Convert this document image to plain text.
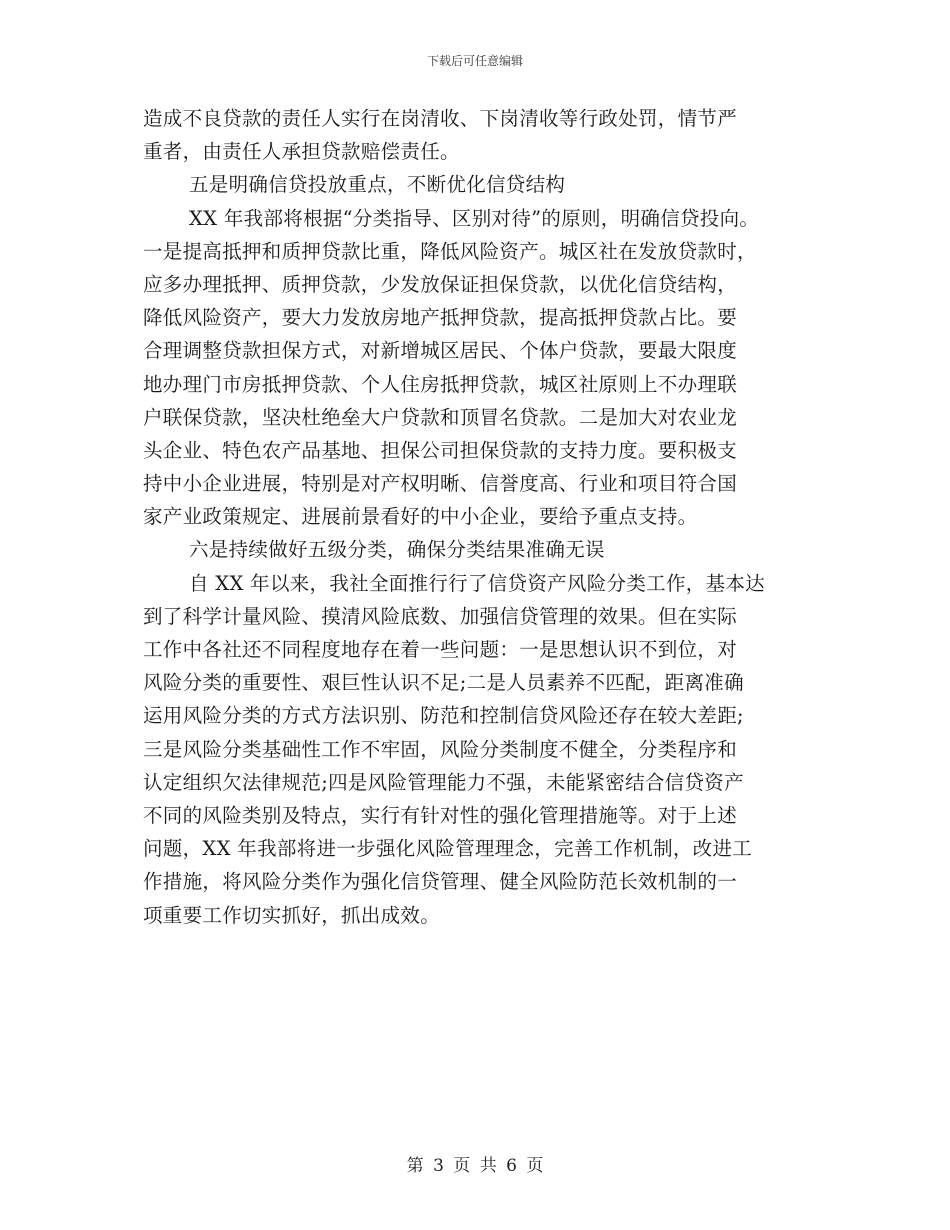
下载后可任意编辑
造成不良贷款的责任人实行在岗清收、下岗清收等行政处罚，情节严
重者，由责任人承担贷款赔偿责任。
五是明确信贷投放重点，不断优化信贷结构
XX 年我部将根据“分类指导、区别对待”的原则，明确信贷投向。
一是提高抵押和质押贷款比重，降低风险资产。城区社在发放贷款时，
应多办理抵押、质押贷款，少发放保证担保贷款，以优化信贷结构，
降低风险资产，要大力发放房地产抵押贷款，提高抵押贷款占比。要
合理调整贷款担保方式，对新增城区居民、个体户贷款，要最大限度
地办理门市房抵押贷款、个人住房抵押贷款，城区社原则上不办理联
户联保贷款，坚决杜绝垒大户贷款和顶冒名贷款。二是加大对农业龙
头企业、特色农产品基地、担保公司担保贷款的支持力度。要积极支
持中小企业进展，特别是对产权明晰、信誉度高、行业和项目符合国
家产业政策规定、进展前景看好的中小企业，要给予重点支持。
六是持续做好五级分类，确保分类结果准确无误
自 XX 年以来，我社全面推行行了信贷资产风险分类工作，基本达
到了科学计量风险、摸清风险底数、加强信贷管理的效果。但在实际
工作中各社还不同程度地存在着一些问题：一是思想认识不到位，对
风险分类的重要性、艰巨性认识不足;二是人员素养不匹配，距离准确
运用风险分类的方式方法识别、防范和控制信贷风险还存在较大差距;
三是风险分类基础性工作不牢固，风险分类制度不健全，分类程序和
认定组织欠法律规范;四是风险管理能力不强，未能紧密结合信贷资产
不同的风险类别及特点，实行有针对性的强化管理措施等。对于上述
问题，XX 年我部将进一步强化风险管理理念，完善工作机制，改进工
作措施，将风险分类作为强化信贷管理、健全风险防范长效机制的一
项重要工作切实抓好，抓出成效。
第 3 页 共 6 页
